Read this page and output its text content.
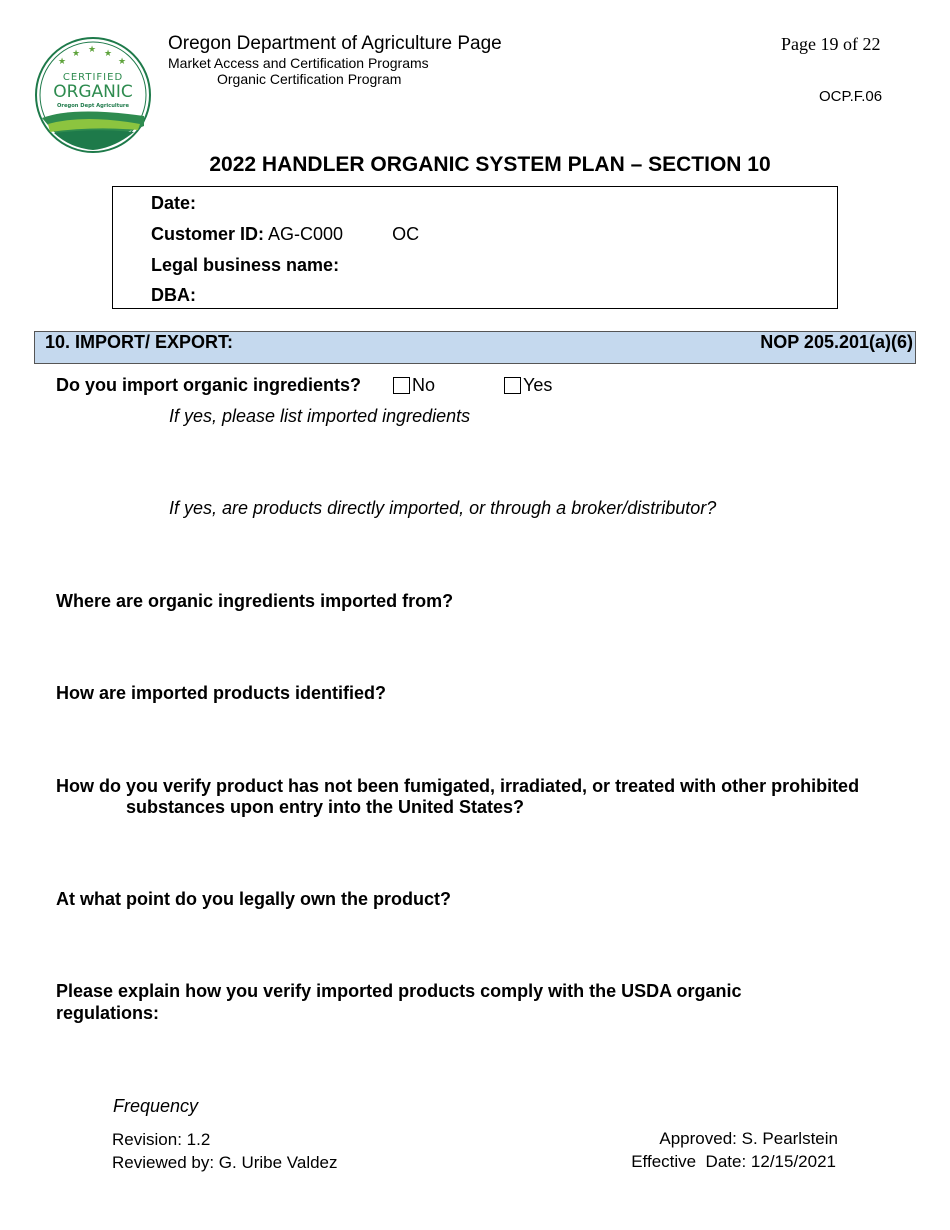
★
★ ★ ★
★
CERTIFIED
ORGANIC
Oregon Dept Agriculture
Oregon Department of Agriculture Page
Market Access and Certification Programs
Organic Certification Program
Page 19 of 22
OCP.F.06
2022 HANDLER ORGANIC SYSTEM PLAN – SECTION 10
Date:
Customer ID: AG-C000	OC
Legal business name:
DBA:
10. IMPORT/ EXPORT:	NOP 205.201(a)(6)
Do you import organic ingredients?	No	Yes
If yes, please list imported ingredients
If yes, are products directly imported, or through a broker/distributor?
Where are organic ingredients imported from?
How are imported products identified?
How do you verify product has not been fumigated, irradiated, or treated with other prohibited
substances upon entry into the United States?
At what point do you legally own the product?
Please explain how you verify imported products comply with the USDA organic
regulations:
Frequency
Revision: 1.2
Reviewed by: G. Uribe Valdez
Approved: S. Pearlstein
Effective  Date: 12/15/2021
